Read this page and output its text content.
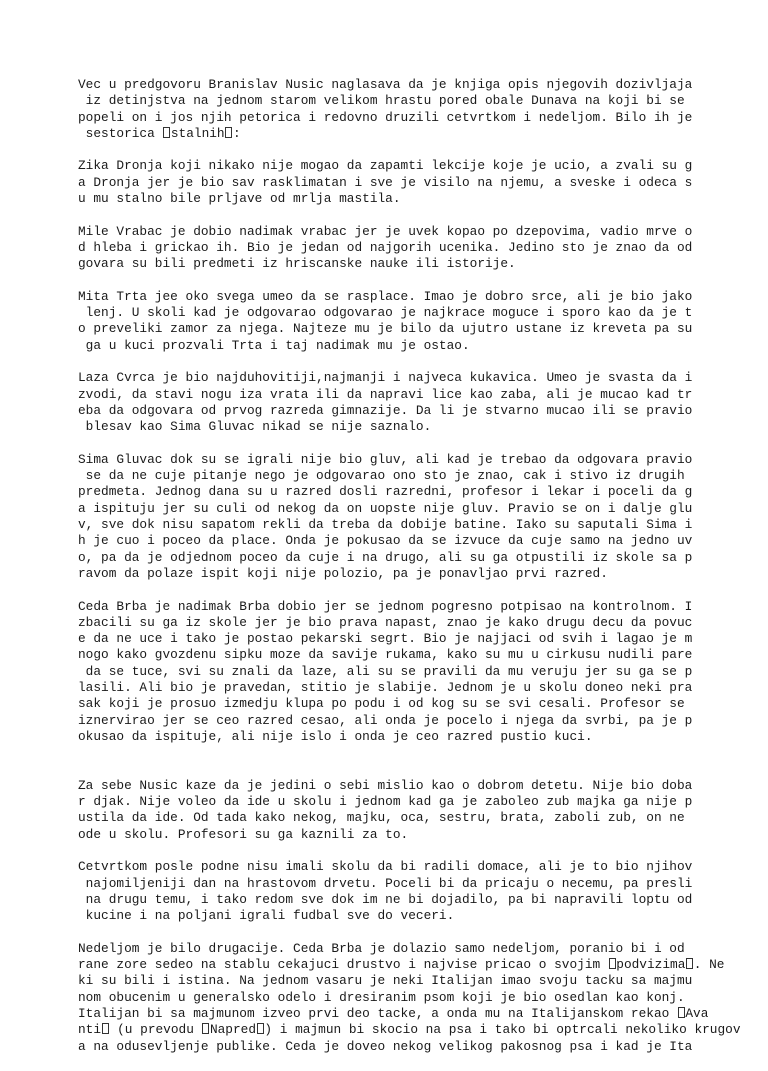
Vec u predgovoru Branislav Nusic naglasava da je knjiga opis njegovih dozivljaja
iz detinjstva na jednom starom velikom hrastu pored obale Dunava na koji bi se
popeli on i jos njih petorica i redovno druzili cetvrtkom i nedeljom. Bilo ih je
sestorica stalnih :
Zika Dronja koji nikako nije mogao da zapamti lekcije koje je ucio, a zvali su g
a Dronja jer je bio sav rasklimatan i sve je visilo na njemu, a sveske i odeca s
u mu stalno bile prljave od mrlja mastila.
Mile Vrabac je dobio nadimak vrabac jer je uvek kopao po dzepovima, vadio mrve o
d hleba i grickao ih. Bio je jedan od najgorih ucenika. Jedino sto je znao da od
govara su bili predmeti iz hriscanske nauke ili istorije.
Mita Trta jee oko svega umeo da se rasplace. Imao je dobro srce, ali je bio jako
lenj. U skoli kad je odgovarao odgovarao je najkrace moguce i sporo kao da je t
o preveliki zamor za njega. Najteze mu je bilo da ujutro ustane iz kreveta pa su
ga u kuci prozvali Trta i taj nadimak mu je ostao.
Laza Cvrca je bio najduhovitiji,najmanji i najveca kukavica. Umeo je svasta da i
zvodi, da stavi nogu iza vrata ili da napravi lice kao zaba, ali je mucao kad tr
eba da odgovara od prvog razreda gimnazije. Da li je stvarno mucao ili se pravio
blesav kao Sima Gluvac nikad se nije saznalo.
Sima Gluvac dok su se igrali nije bio gluv, ali kad je trebao da odgovara pravio
se da ne cuje pitanje nego je odgovarao ono sto je znao, cak i stivo iz drugih
predmeta. Jednog dana su u razred dosli razredni, profesor i lekar i poceli da g
a ispituju jer su culi od nekog da on uopste nije gluv. Pravio se on i dalje glu
v, sve dok nisu sapatom rekli da treba da dobije batine. Iako su saputali Sima i
h je cuo i poceo da place. Onda je pokusao da se izvuce da cuje samo na jedno uv
o, pa da je odjednom poceo da cuje i na drugo, ali su ga otpustili iz skole sa p
ravom da polaze ispit koji nije polozio, pa je ponavljao prvi razred.
Ceda Brba je nadimak Brba dobio jer se jednom pogresno potpisao na kontrolnom. I
zbacili su ga iz skole jer je bio prava napast, znao je kako drugu decu da povuc
e da ne uce i tako je postao pekarski segrt. Bio je najjaci od svih i lagao je m
nogo kako gvozdenu sipku moze da savije rukama, kako su mu u cirkusu nudili pare
da se tuce, svi su znali da laze, ali su se pravili da mu veruju jer su ga se p
lasili. Ali bio je pravedan, stitio je slabije. Jednom je u skolu doneo neki pra
sak koji je prosuo izmedju klupa po podu i od kog su se svi cesali. Profesor se
iznervirao jer se ceo razred cesao, ali onda je pocelo i njega da svrbi, pa je p
okusao da ispituje, ali nije islo i onda je ceo razred pustio kuci.
Za sebe Nusic kaze da je jedini o sebi mislio kao o dobrom detetu. Nije bio doba
r djak. Nije voleo da ide u skolu i jednom kad ga je zaboleo zub majka ga nije p
ustila da ide. Od tada kako nekog, majku, oca, sestru, brata, zaboli zub, on ne
ode u skolu. Profesori su ga kaznili za to.
Cetvrtkom posle podne nisu imali skolu da bi radili domace, ali je to bio njihov
najomiljeniji dan na hrastovom drvetu. Poceli bi da pricaju o necemu, pa presli
na drugu temu, i tako redom sve dok im ne bi dojadilo, pa bi napravili loptu od
kucine i na poljani igrali fudbal sve do veceri.
Nedeljom je bilo drugacije. Ceda Brba je dolazio samo nedeljom, poranio bi i od
rane zore sedeo na stablu cekajuci drustvo i najvise pricao o svojim podvizima . Ne
ki su bili i istina. Na jednom vasaru je neki Italijan imao svoju tacku sa majmu
nom obucenim u generalsko odelo i dresiranim psom koji je bio osedlan kao konj.
Italijan bi sa majmunom izveo prvi deo tacke, a onda mu na Italijanskom rekao Ava
nti (u prevodu Napred ) i majmun bi skocio na psa i tako bi optrcali nekoliko krugov
a na odusevljenje publike. Ceda je doveo nekog velikog pakosnog psa i kad je Ita
